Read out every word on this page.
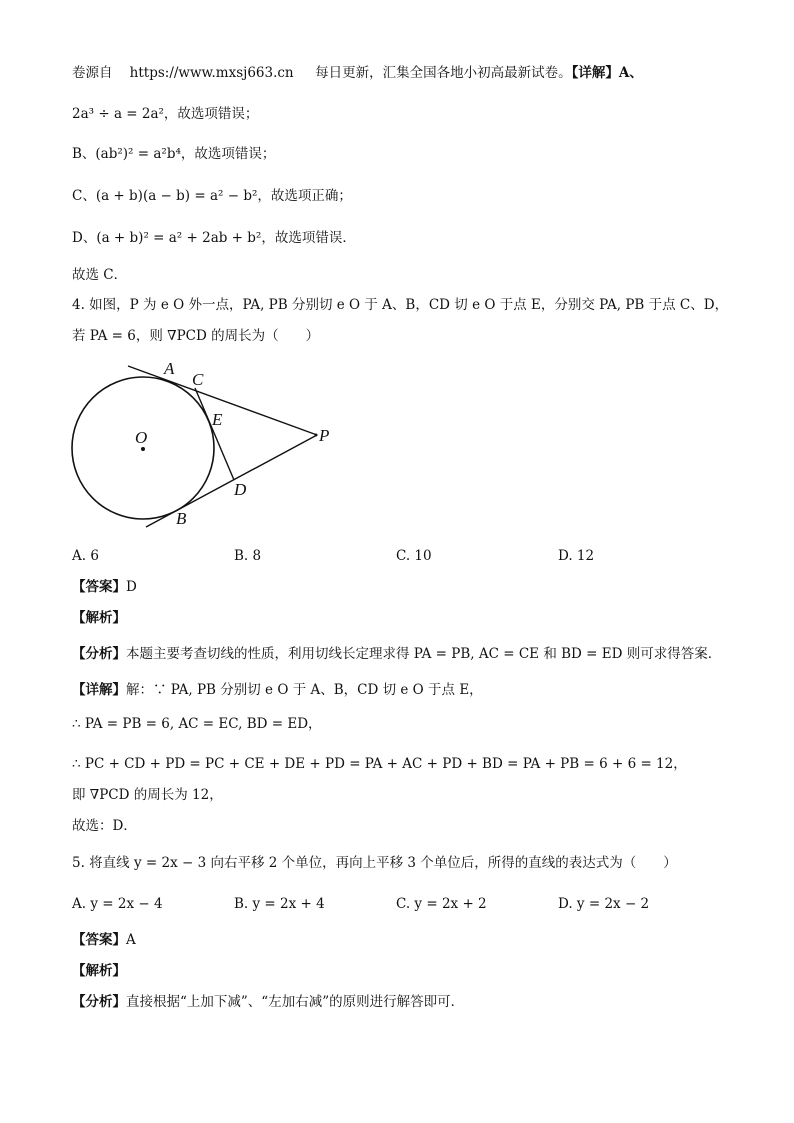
卷源自 https://www.mxsj663.cn 每日更新，汇集全国各地小初高最新试卷。【详解】A、
2a³ ÷ a = 2a²，故选项错误；
B、(ab²)² = a²b⁴，故选项错误；
C、(a + b)(a − b) = a² − b²，故选项正确；
D、(a + b)² = a² + 2ab + b²，故选项错误．
故选 C．
4. 如图，P 为 e O 外一点，PA, PB 分别切 e O 于 A、B，CD 切 e O 于点 E，分别交 PA, PB 于点 C、D，
若 PA = 6，则 ∇PCD 的周长为（　　）
A
C
E
O	P
D
B
A. 6	B. 8	C. 10	D. 12
【答案】D
【解析】
【分析】本题主要考查切线的性质，利用切线长定理求得 PA = PB, AC = CE 和 BD = ED 则可求得答案．
【详解】解：∵ PA, PB 分别切 e O 于 A、B，CD 切 e O 于点 E，
∴ PA = PB = 6, AC = EC, BD = ED，
∴ PC + CD + PD = PC + CE + DE + PD = PA + AC + PD + BD = PA + PB = 6 + 6 = 12，
即 ∇PCD 的周长为 12，
故选：D．
5. 将直线 y = 2x − 3 向右平移 2 个单位，再向上平移 3 个单位后，所得的直线的表达式为（　　）
A. y = 2x − 4	B. y = 2x + 4	C. y = 2x + 2	D. y = 2x − 2
【答案】A
【解析】
【分析】直接根据“上加下减”、“左加右减”的原则进行解答即可．
